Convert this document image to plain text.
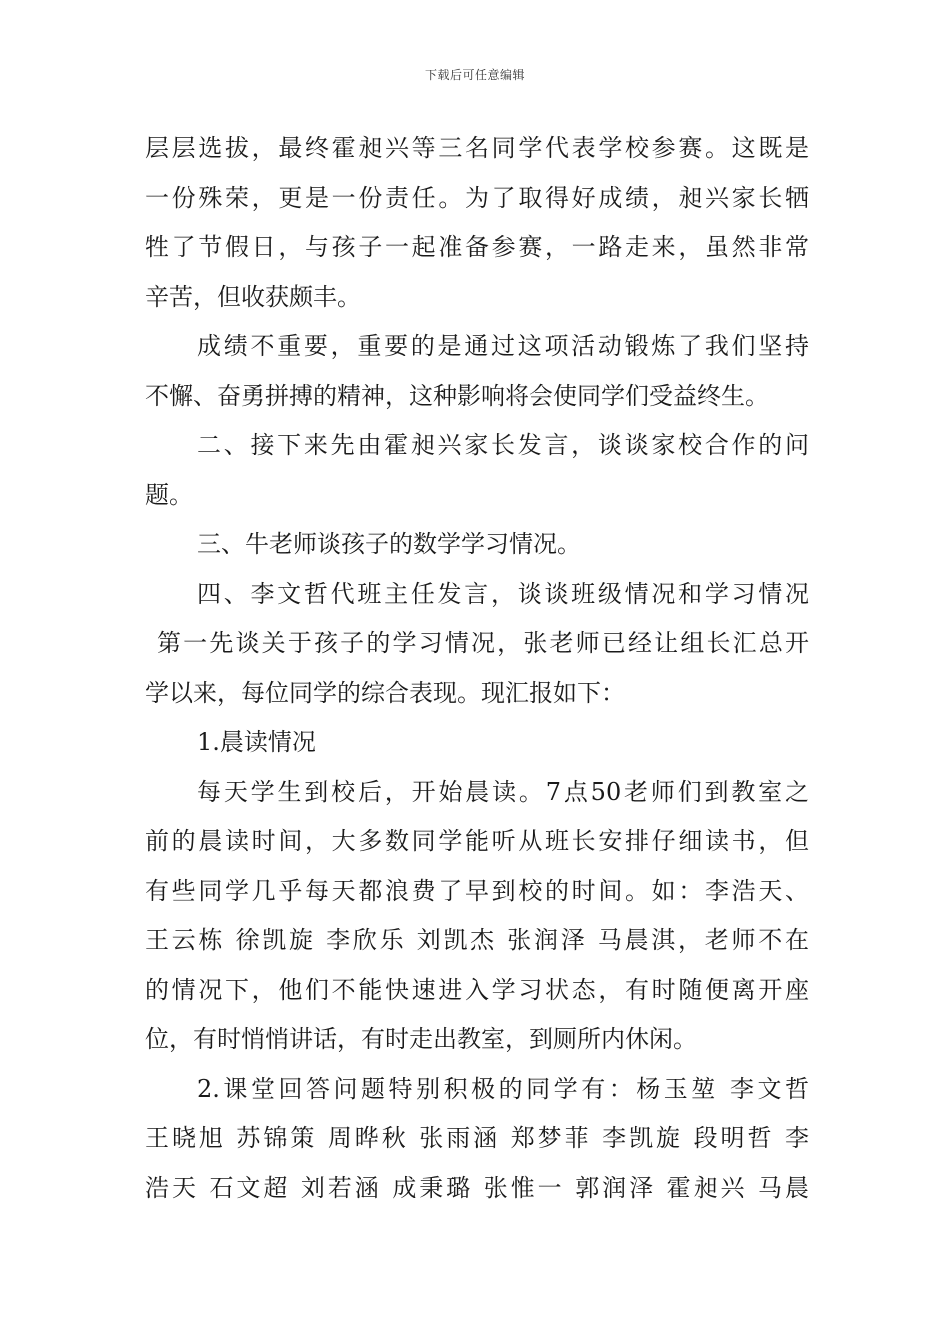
下载后可任意编辑
层层选拔，最终霍昶兴等三名同学代表学校参赛。这既是
一份殊荣，更是一份责任。为了取得好成绩，昶兴家长牺
牲了节假日，与孩子一起准备参赛，一路走来，虽然非常
辛苦，但收获颇丰。
成绩不重要，重要的是通过这项活动锻炼了我们坚持
不懈、奋勇拼搏的精神，这种影响将会使同学们受益终生。
二、接下来先由霍昶兴家长发言，谈谈家校合作的问
题。
三、牛老师谈孩子的数学学习情况。
四、李文哲代班主任发言，谈谈班级情况和学习情况
第一先谈关于孩子的学习情况，张老师已经让组长汇总开
学以来，每位同学的综合表现。现汇报如下：
1.晨读情况
每天学生到校后，开始晨读。7点50老师们到教室之
前的晨读时间，大多数同学能听从班长安排仔细读书，但
有些同学几乎每天都浪费了早到校的时间。如：李浩天、
王云栋 徐凯旋 李欣乐 刘凯杰 张润泽 马晨淇，老师不在
的情况下，他们不能快速进入学习状态，有时随便离开座
位，有时悄悄讲话，有时走出教室，到厕所内休闲。
2.课堂回答问题特别积极的同学有：杨玉堃 李文哲
王晓旭 苏锦策 周晔秋 张雨涵 郑梦菲 李凯旋 段明哲 李
浩天 石文超 刘若涵 成秉璐 张惟一 郭润泽 霍昶兴 马晨
